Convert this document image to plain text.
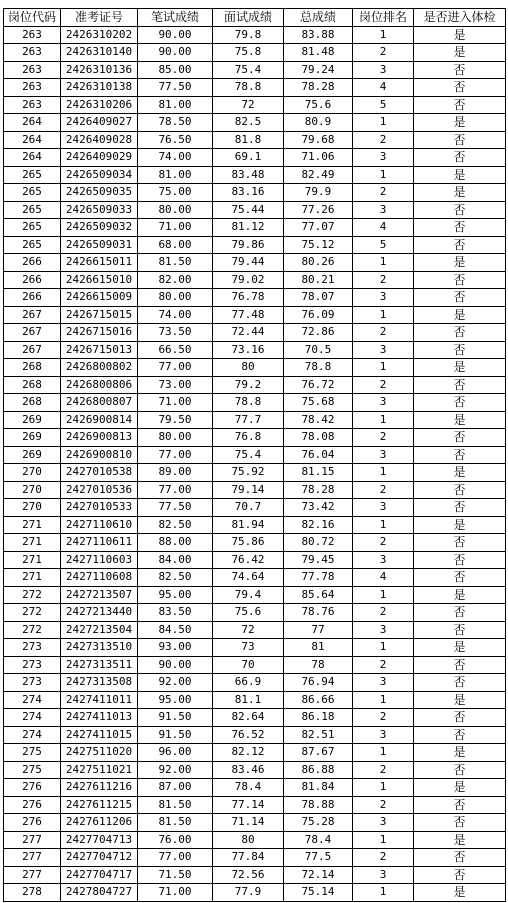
岗位代码	准考证号	笔试成绩	面试成绩	总成绩	岗位排名	是否进入体检
263	2426310202	90.00	79.8	83.88	1	是
263	2426310140	90.00	75.8	81.48	2	是
263	2426310136	85.00	75.4	79.24	3	否
263	2426310138	77.50	78.8	78.28	4	否
263	2426310206	81.00	72	75.6	5	否
264	2426409027	78.50	82.5	80.9	1	是
264	2426409028	76.50	81.8	79.68	2	否
264	2426409029	74.00	69.1	71.06	3	否
265	2426509034	81.00	83.48	82.49	1	是
265	2426509035	75.00	83.16	79.9	2	是
265	2426509033	80.00	75.44	77.26	3	否
265	2426509032	71.00	81.12	77.07	4	否
265	2426509031	68.00	79.86	75.12	5	否
266	2426615011	81.50	79.44	80.26	1	是
266	2426615010	82.00	79.02	80.21	2	否
266	2426615009	80.00	76.78	78.07	3	否
267	2426715015	74.00	77.48	76.09	1	是
267	2426715016	73.50	72.44	72.86	2	否
267	2426715013	66.50	73.16	70.5	3	否
268	2426800802	77.00	80	78.8	1	是
268	2426800806	73.00	79.2	76.72	2	否
268	2426800807	71.00	78.8	75.68	3	否
269	2426900814	79.50	77.7	78.42	1	是
269	2426900813	80.00	76.8	78.08	2	否
269	2426900810	77.00	75.4	76.04	3	否
270	2427010538	89.00	75.92	81.15	1	是
270	2427010536	77.00	79.14	78.28	2	否
270	2427010533	77.50	70.7	73.42	3	否
271	2427110610	82.50	81.94	82.16	1	是
271	2427110611	88.00	75.86	80.72	2	否
271	2427110603	84.00	76.42	79.45	3	否
271	2427110608	82.50	74.64	77.78	4	否
272	2427213507	95.00	79.4	85.64	1	是
272	2427213440	83.50	75.6	78.76	2	否
272	2427213504	84.50	72	77	3	否
273	2427313510	93.00	73	81	1	是
273	2427313511	90.00	70	78	2	否
273	2427313508	92.00	66.9	76.94	3	否
274	2427411011	95.00	81.1	86.66	1	是
274	2427411013	91.50	82.64	86.18	2	否
274	2427411015	91.50	76.52	82.51	3	否
275	2427511020	96.00	82.12	87.67	1	是
275	2427511021	92.00	83.46	86.88	2	否
276	2427611216	87.00	78.4	81.84	1	是
276	2427611215	81.50	77.14	78.88	2	否
276	2427611206	81.50	71.14	75.28	3	否
277	2427704713	76.00	80	78.4	1	是
277	2427704712	77.00	77.84	77.5	2	否
277	2427704717	71.50	72.56	72.14	3	否
278	2427804727	71.00	77.9	75.14	1	是
